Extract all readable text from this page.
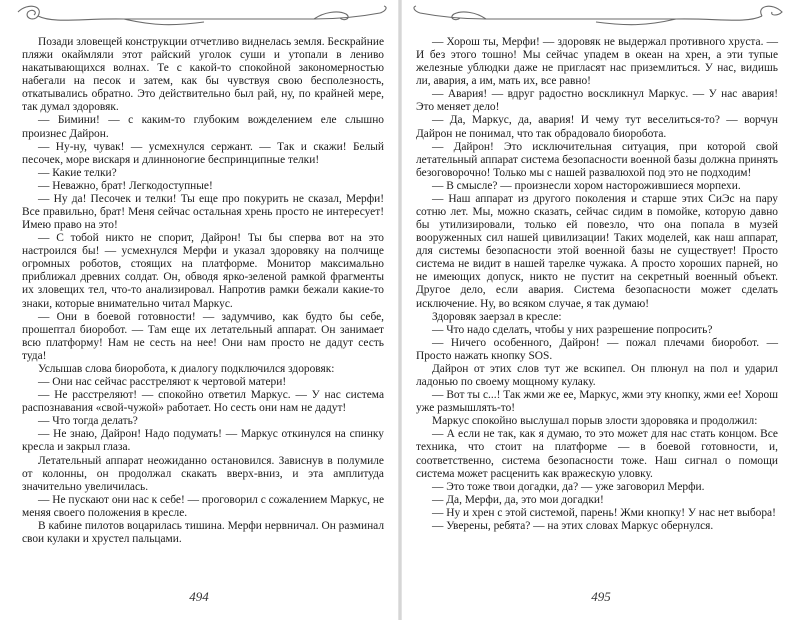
Позади зловещей конструкции отчетливо виднелась земля. Бескрайние пляжи окаймляли этот райский уголок суши и утопали в лениво накатывающихся волнах. Те с какой-то спокойной закономерностью набегали на песок и затем, как бы чувствуя свою бесполезность, откатывались обратно. Это действительно был рай, ну, по крайней мере, так думал здоровяк.

— Бимини! — с каким-то глубоким вожделением еле слышно произнес Дайрон.

— Ну-ну, чувак! — усмехнулся сержант. — Так и скажи! Белый песочек, море вискаря и длинноногие беспринципные телки!

— Какие телки?

— Неважно, брат! Легкодоступные!

— Ну да! Песочек и телки! Ты еще про покурить не сказал, Мерфи! Все правильно, брат! Меня сейчас остальная хрень просто не интересует! Имею право на это!

— С тобой никто не спорит, Дайрон! Ты бы сперва вот на это настроился бы! — усмехнулся Мерфи и указал здоровяку на полчище огромных роботов, стоящих на платформе. Монитор максимально приближал древних солдат. Он, обводя ярко-зеленой рамкой фрагменты их зловещих тел, что-то анализировал. Напротив рамки бежали какие-то знаки, которые внимательно читал Маркус.

— Они в боевой готовности! — задумчиво, как будто бы себе, прошептал биоробот. — Там еще их летательный аппарат. Он занимает всю платформу! Нам не сесть на нее! Они нам просто не дадут сесть туда!

Услышав слова биоробота, к диалогу подключился здоровяк:

— Они нас сейчас расстреляют к чертовой матери!

— Не расстреляют! — спокойно ответил Маркус. — У нас система распознавания «свой-чужой» работает. Но сесть они нам не дадут!

— Что тогда делать?

— Не знаю, Дайрон! Надо подумать! — Маркус откинулся на спинку кресла и закрыл глаза.

Летательный аппарат неожиданно остановился. Зависнув в полумиле от колонны, он продолжал скакать вверх-вниз, и эта амплитуда значительно увеличилась.

— Не пускают они нас к себе! — проговорил с сожалением Маркус, не меняя своего положения в кресле.

В кабине пилотов воцарилась тишина. Мерфи нервничал. Он разминал свои кулаки и хрустел пальцами.

494

— Хорош ты, Мерфи! — здоровяк не выдержал противного хруста. — И без этого тошно! Мы сейчас упадем в океан на хрен, а эти тупые железные ублюдки даже не пригласят нас приземлиться. У нас, видишь ли, авария, а им, мать их, все равно!

— Авария! — вдруг радостно воскликнул Маркус. — У нас авария! Это меняет дело!

— Да, Маркус, да, авария! И чему тут веселиться-то? — ворчун Дайрон не понимал, что так обрадовало биоробота.

— Дайрон! Это исключительная ситуация, при которой свой летательный аппарат система безопасности военной базы должна принять безоговорочно! Только мы с нашей развалюхой под это не подходим!

— В смысле? — произнесли хором насторожившиеся морпехи.

— Наш аппарат из другого поколения и старше этих СиЭс на пару сотню лет. Мы, можно сказать, сейчас сидим в помойке, которую давно бы утилизировали, только ей повезло, что она попала в музей вооруженных сил нашей цивилизации! Таких моделей, как наш аппарат, для системы безопасности этой военной базы не существует! Просто система не видит в нашей тарелке чужака. А просто хороших парней, но не имеющих допуск, никто не пустит на секретный военный объект. Другое дело, если авария. Система безопасности может сделать исключение. Ну, во всяком случае, я так думаю!

Здоровяк заерзал в кресле:

— Что надо сделать, чтобы у них разрешение попросить?

— Ничего особенного, Дайрон! — пожал плечами биоробот. — Просто нажать кнопку SOS.

Дайрон от этих слов тут же вскипел. Он плюнул на пол и ударил ладонью по своему мощному кулаку.

— Вот ты с...! Так жми же ее, Маркус, жми эту кнопку, жми ее! Хорош уже размышлять-то!

Маркус спокойно выслушал порыв злости здоровяка и продолжил:

— А если не так, как я думаю, то это может для нас стать концом. Все техника, что стоит на платформе — в боевой готовности, и, соответственно, система безопасности тоже. Наш сигнал о помощи система может расценить как вражескую уловку.

— Это тоже твои догадки, да? — уже заговорил Мерфи.

— Да, Мерфи, да, это мои догадки!

— Ну и хрен с этой системой, парень! Жми кнопку! У нас нет выбора!

— Уверены, ребята? — на этих словах Маркус обернулся.

495
